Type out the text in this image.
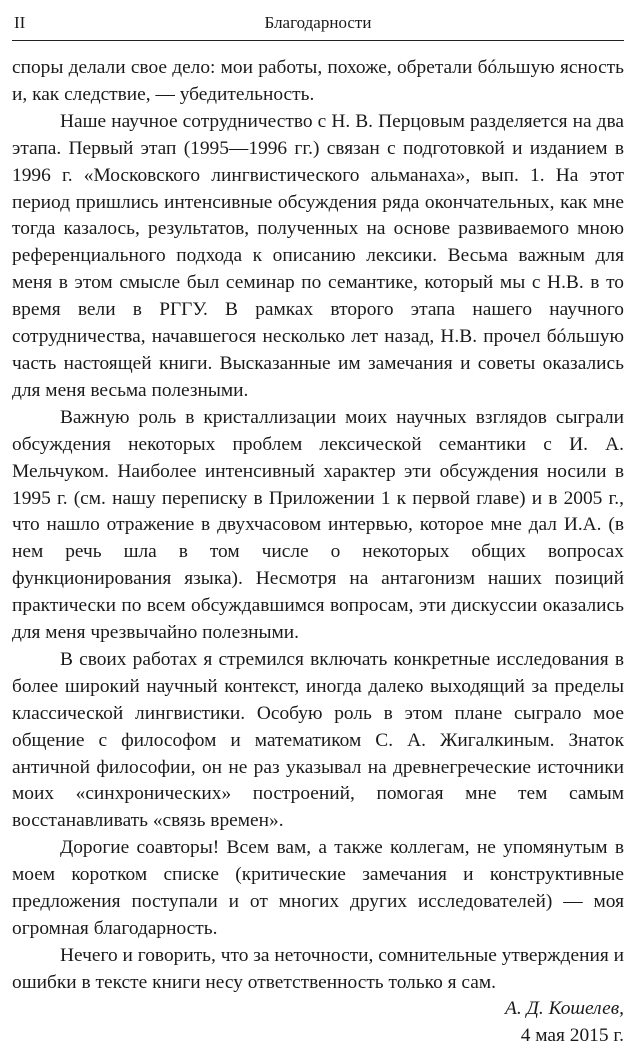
II	Благодарности

споры делали свое дело: мои работы, похоже, обретали бóльшую ясность и, как следствие, — убедительность.

Наше научное сотрудничество с Н. В. Перцовым разделяется на два этапа. Первый этап (1995—1996 гг.) связан с подготовкой и изданием в 1996 г. «Московского лингвистического альманаха», вып. 1. На этот период пришлись интенсивные обсуждения ряда окончательных, как мне тогда казалось, результатов, полученных на основе развиваемого мною референциального подхода к описанию лексики. Весьма важным для меня в этом смысле был семинар по семантике, который мы с Н.В. в то время вели в РГГУ. В рамках второго этапа нашего научного сотрудничества, начавшегося несколько лет назад, Н.В. прочел бóльшую часть настоящей книги. Высказанные им замечания и советы оказались для меня весьма полезными.

Важную роль в кристаллизации моих научных взглядов сыграли обсуждения некоторых проблем лексической семантики с И. А. Мельчуком. Наиболее интенсивный характер эти обсуждения носили в 1995 г. (см. нашу переписку в Приложении 1 к первой главе) и в 2005 г., что нашло отражение в двухчасовом интервью, которое мне дал И.А. (в нем речь шла в том числе о некоторых общих вопросах функционирования языка). Несмотря на антагонизм наших позиций практически по всем обсуждавшимся вопросам, эти дискуссии оказались для меня чрезвычайно полезными.

В своих работах я стремился включать конкретные исследования в более широкий научный контекст, иногда далеко выходящий за пределы классической лингвистики. Особую роль в этом плане сыграло мое общение с философом и математиком С. А. Жигалкиным. Знаток античной философии, он не раз указывал на древнегреческие источники моих «синхронических» построений, помогая мне тем самым восстанавливать «связь времен».

Дорогие соавторы! Всем вам, а также коллегам, не упомянутым в моем коротком списке (критические замечания и конструктивные предложения поступали и от многих других исследователей) — моя огромная благодарность.

Нечего и говорить, что за неточности, сомнительные утверждения и ошибки в тексте книги несу ответственность только я сам.

А. Д. Кошелев,
4 мая 2015 г.
